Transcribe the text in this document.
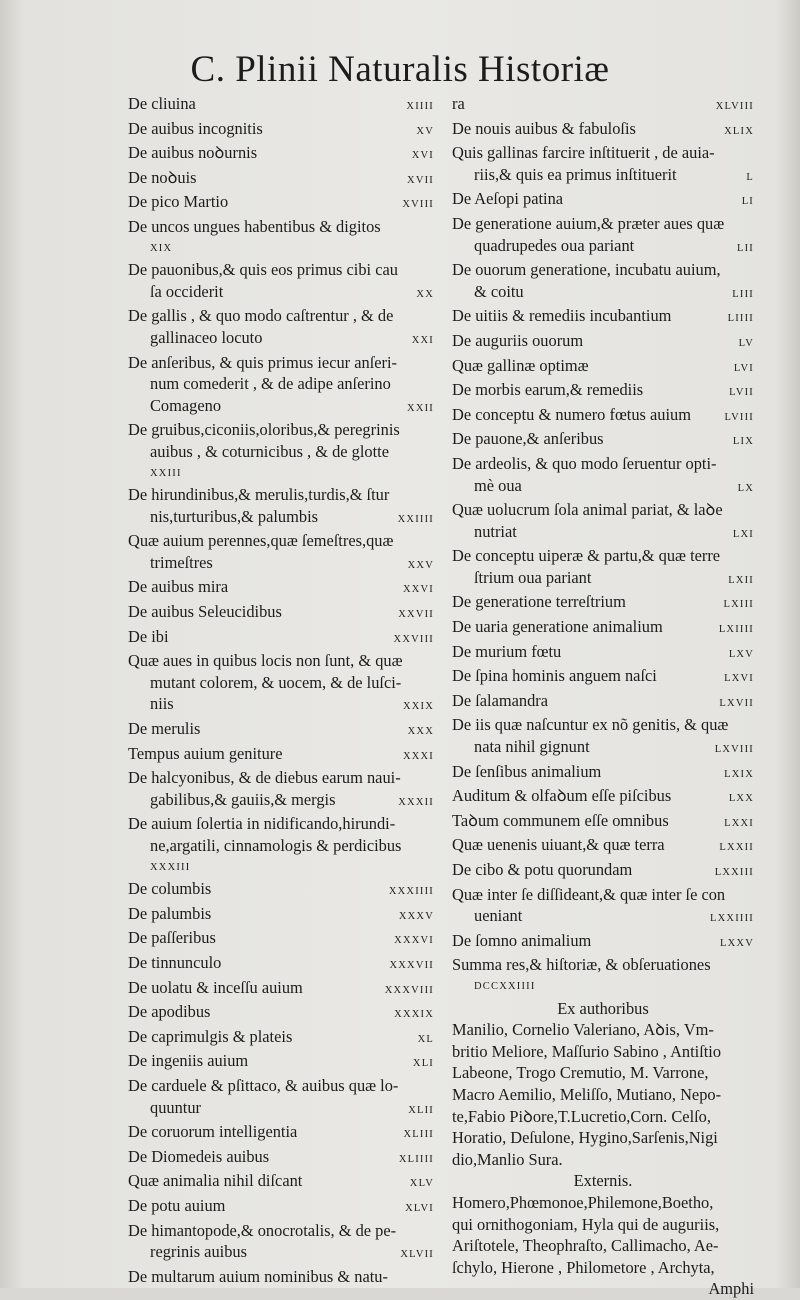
C. Plinii Naturalis Historiæ
De cliuina	XIIII
De auibus incognitis	XV
De auibus noꝺurnis	XVI
De noꝺuis	XVII
De pico Martio	XVIII
De uncos ungues habentibus & digitos
XIX
De pauonibus,& quis eos primus cibi cau
ſa occiderit	XX
De gallis , & quo modo caſtrentur , & de
gallinaceo locuto	XXI
De anſeribus, & quis primus iecur anſeri-
num comederit , & de adipe anſerino
Comageno	XXII
De gruibus,ciconiis,oloribus,& peregrinis
auibus , & coturnicibus , & de glotte
XXIII
De hirundinibus,& merulis,turdis,& ſtur
nis,turturibus,& palumbis	XXIIII
Quæ auium perennes,quæ ſemeſtres,quæ
trimeſtres	XXV
De auibus mira	XXVI
De auibus Seleucidibus	XXVII
De ibi	XXVIII
Quæ aues in quibus locis non ſunt, & quæ
mutant colorem, & uocem, & de luſci-
niis	XXIX
De merulis	XXX
Tempus auium geniture	XXXI
De halcyonibus, & de diebus earum naui-
gabilibus,& gauiis,& mergis	XXXII
De auium ſolertia in nidificando,hirundi-
ne,argatili, cinnamologis & perdicibus
XXXIII
De columbis	XXXIIII
De palumbis	XXXV
De paſſeribus	XXXVI
De tinnunculo	XXXVII
De uolatu & inceſſu auium	XXXVIII
De apodibus	XXXIX
De caprimulgis & plateis	XL
De ingeniis auium	XLI
De carduele & pſittaco, & auibus quæ lo-
quuntur	XLII
De coruorum intelligentia	XLIII
De Diomedeis auibus	XLIIII
Quæ animalia nihil diſcant	XLV
De potu auium	XLVI
De himantopode,& onocrotalis, & de pe-
regrinis auibus	XLVII
De multarum auium nominibus & natu-
ra	XLVIII
De nouis auibus & fabuloſis	XLIX
Quis gallinas farcire inſtituerit , de auia-
riis,& quis ea primus inſtituerit	L
De Aeſopi patina	LI
De generatione auium,& præter aues quæ
quadrupedes oua pariant	LII
De ouorum generatione, incubatu auium,
& coitu	LIII
De uitiis & remediis incubantium	LIIII
De auguriis ouorum	LV
Quæ gallinæ optimæ	LVI
De morbis earum,& remediis	LVII
De conceptu & numero fœtus auium	LVIII
De pauone,& anſeribus	LIX
De ardeolis, & quo modo ſeruentur opti-
mè oua	LX
Quæ uolucrum ſola animal pariat, & laꝺe
nutriat	LXI
De conceptu uiperæ & partu,& quæ terre
ſtrium oua pariant	LXII
De generatione terreſtrium	LXIII
De uaria generatione animalium	LXIIII
De murium fœtu	LXV
De ſpina hominis anguem naſci	LXVI
De ſalamandra	LXVII
De iis quæ naſcuntur ex nõ genitis, & quæ
nata nihil gignunt	LXVIII
De ſenſibus animalium	LXIX
Auditum & olfaꝺum eſſe piſcibus	LXX
Taꝺum communem eſſe omnibus	LXXI
Quæ uenenis uiuant,& quæ terra	LXXII
De cibo & potu quorundam	LXXIII
Quæ inter ſe diſſideant,& quæ inter ſe con
ueniant	LXXIIII
De ſomno animalium	LXXV
Summa res,& hiſtoriæ, & obſeruationes
DCCXXIIII
Ex authoribus
Manilio, Cornelio Valeriano, Aꝺis, Vm-
britio Meliore, Maſſurio Sabino , Antiſtio
Labeone, Trogo Cremutio, M. Varrone,
Macro Aemilio, Meliſſo, Mutiano, Nepo-
te,Fabio Piꝺore,T.Lucretio,Corn. Celſo,
Horatio, Deſulone, Hygino,Sarſenis,Nigi
dio,Manlio Sura.
Externis.
Homero,Phœmonoe,Philemone,Boetho,
qui ornithogoniam, Hyla qui de auguriis,
Ariſtotele, Theophraſto, Callimacho, Ae-
ſchylo, Hierone , Philometore , Archyta,
Amphi
